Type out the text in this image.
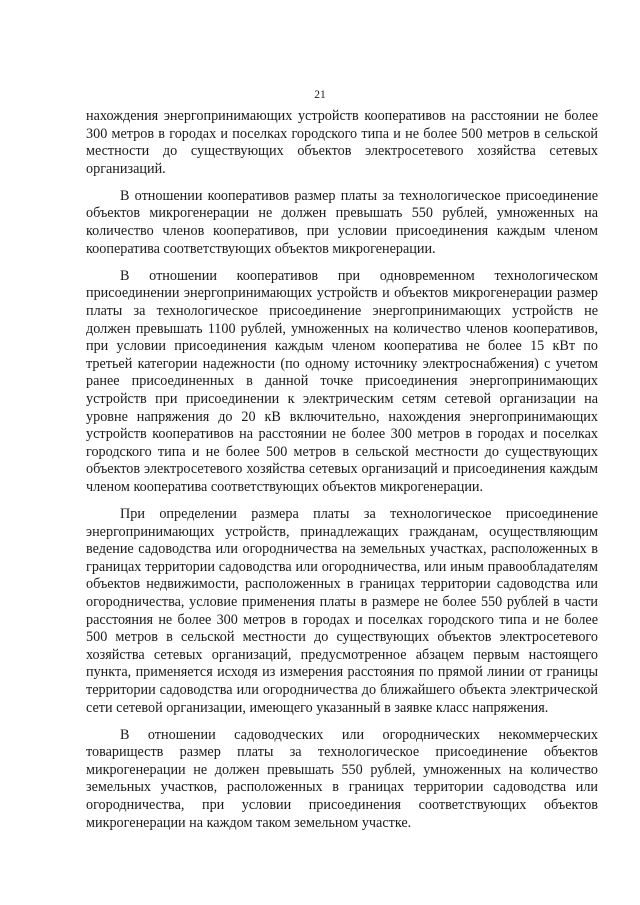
21

нахождения энергопринимающих устройств кооперативов на расстоянии не более 300 метров в городах и поселках городского типа и не более 500 метров в сельской местности до существующих объектов электросетевого хозяйства сетевых организаций.

В отношении кооперативов размер платы за технологическое присоединение объектов микрогенерации не должен превышать 550 рублей, умноженных на количество членов кооперативов, при условии присоединения каждым членом кооператива соответствующих объектов микрогенерации.

В отношении кооперативов при одновременном технологическом присоединении энергопринимающих устройств и объектов микрогенерации размер платы за технологическое присоединение энергопринимающих устройств не должен превышать 1100 рублей, умноженных на количество членов кооперативов, при условии присоединения каждым членом кооператива не более 15 кВт по третьей категории надежности (по одному источнику электроснабжения) с учетом ранее присоединенных в данной точке присоединения энергопринимающих устройств при присоединении к электрическим сетям сетевой организации на уровне напряжения до 20 кВ включительно, нахождения энергопринимающих устройств кооперативов на расстоянии не более 300 метров в городах и поселках городского типа и не более 500 метров в сельской местности до существующих объектов электросетевого хозяйства сетевых организаций и присоединения каждым членом кооператива соответствующих объектов микрогенерации.

При определении размера платы за технологическое присоединение энергопринимающих устройств, принадлежащих гражданам, осуществляющим ведение садоводства или огородничества на земельных участках, расположенных в границах территории садоводства или огородничества, или иным правообладателям объектов недвижимости, расположенных в границах территории садоводства или огородничества, условие применения платы в размере не более 550 рублей в части расстояния не более 300 метров в городах и поселках городского типа и не более 500 метров в сельской местности до существующих объектов электросетевого хозяйства сетевых организаций, предусмотренное абзацем первым настоящего пункта, применяется исходя из измерения расстояния по прямой линии от границы территории садоводства или огородничества до ближайшего объекта электрической сети сетевой организации, имеющего указанный в заявке класс напряжения.

В отношении садоводческих или огороднических некоммерческих товариществ размер платы за технологическое присоединение объектов микрогенерации не должен превышать 550 рублей, умноженных на количество земельных участков, расположенных в границах территории садоводства или огородничества, при условии присоединения соответствующих объектов микрогенерации на каждом таком земельном участке.
